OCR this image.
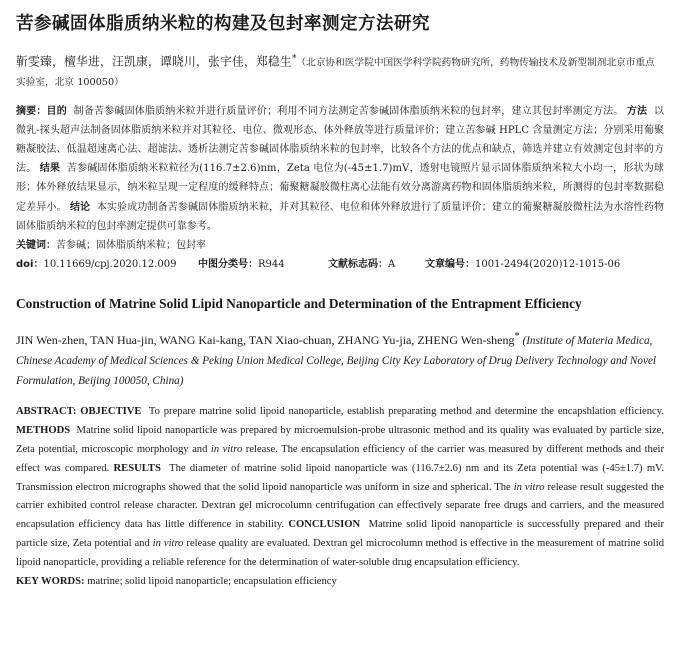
苦参碱固体脂质纳米粒的构建及包封率测定方法研究
靳雯臻，檀华进，汪凯康，谭晓川，张宇佳，郑稳生*（北京协和医学院中国医学科学院药物研究所，药物传输技术及新型制剂北京市重点实验室，北京 100050）

摘要：目的 制备苦参碱固体脂质纳米粒并进行质量评价；利用不同方法测定苦参碱固体脂质纳米粒的包封率，建立其包封率测定方法。 方法 以微乳-探头超声法制备固体脂质纳米粒并对其粒径、电位、微观形态、体外释放等进行质量评价；建立苦参碱 HPLC 含量测定方法；分别采用葡聚糖凝胶法、低温超速离心法、超滤法、透析法测定苦参碱固体脂质纳米粒的包封率，比较各个方法的优点和缺点，筛选并建立有效测定包封率的方法。 结果 苦参碱固体脂质纳米粒粒径为(116.7±2.6)nm，Zeta 电位为(-45±1.7)mV，透射电镜照片显示固体脂质纳米粒大小均一，形状为球形；体外释放结果显示，纳米粒呈现一定程度的缓释特点；葡聚糖凝胶微柱离心法能有效分离游离药物和固体脂质纳米粒，所测得的包封率数据稳定差异小。 结论 本实验成功制备苦参碱固体脂质纳米粒，并对其粒径、电位和体外释放进行了质量评价；建立的葡聚糖凝胶微柱法为水溶性药物固体脂质纳米粒的包封率测定提供可靠参考。

关键词：苦参碱；固体脂质纳米粒；包封率
doi：10.11669/cpj.2020.12.009	中图分类号：R944	文献标志码：A	文章编号：1001-2494(2020)12-1015-06
Construction of Matrine Solid Lipid Nanoparticle and Determination of the Entrapment Efficiency
JIN Wen-zhen, TAN Hua-jin, WANG Kai-kang, TAN Xiao-chuan, ZHANG Yu-jia, ZHENG Wen-sheng* (Institute of Materia Medica, Chinese Academy of Medical Sciences & Peking Union Medical College, Beijing City Key Laboratory of Drug Delivery Technology and Novel Formulation, Beijing 100050, China)

ABSTRACT: OBJECTIVE To prepare matrine solid lipoid nanoparticle, establish preparating method and determine the encapshlation efficiency. METHODS Matrine solid lipoid nanoparticle was prepared by microemulsion-probe ultrasonic method and its quality was evaluated by particle size, Zeta potential, microscopic morphology and in vitro release. The encapsulation efficiency of the carrier was measured by different methods and their effect was compared. RESULTS The diameter of matrine solid lipoid nanoparticle was (116.7±2.6) nm and its Zeta potential was (-45±1.7) mV. Transmission electron micrographs showed that the solid lipoid nanoparticle was uniform in size and spherical. The in vitro release result suggested the carrier exhibited control release character. Dextran gel microcolumn centrifugation can effectively separate free drugs and carriers, and the measured encapsulation efficiency data has little difference in stability. CONCLUSION Matrine solid lipoid nanoparticle is successfully prepared and their particle size, Zeta potential and in vitro release quality are evaluated. Dextran gel microcolumn method is effective in the measurement of matrine solid lipoid nanoparticle, providing a reliable reference for the determination of water-soluble drug encapsulation efficiency.

KEY WORDS: matrine; solid lipoid nanoparticle; encapsulation efficiency
